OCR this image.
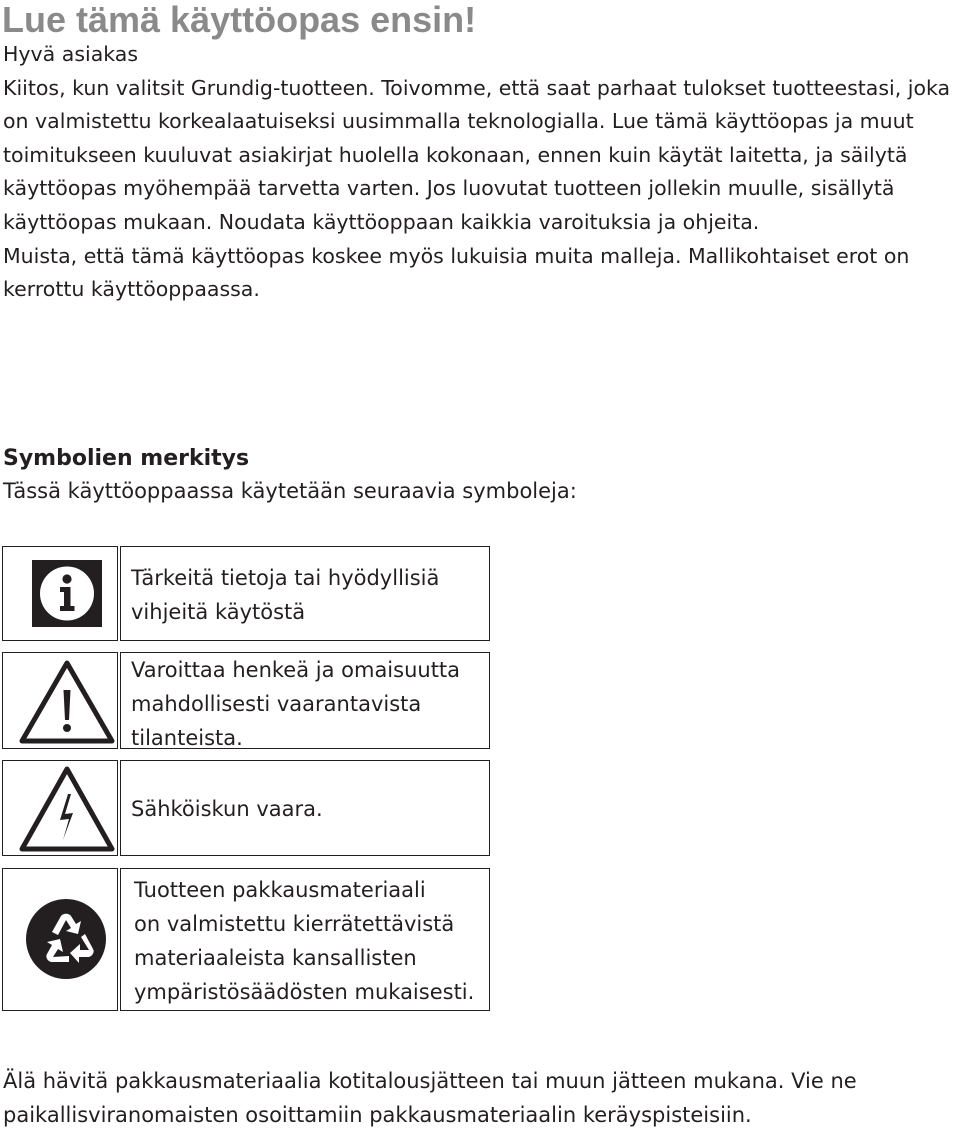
Lue tämä käyttöopas ensin!

Hyvä asiakas

Kiitos, kun valitsit Grundig-tuotteen. Toivomme, että saat parhaat tulokset tuotteestasi, joka

on valmistettu korkealaatuiseksi uusimmalla teknologialla. Lue tämä käyttöopas ja muut

toimitukseen kuuluvat asiakirjat huolella kokonaan, ennen kuin käytät laitetta, ja säilytä

käyttöopas myöhempää tarvetta varten. Jos luovutat tuotteen jollekin muulle, sisällytä

käyttöopas mukaan. Noudata käyttöoppaan kaikkia varoituksia ja ohjeita.

Muista, että tämä käyttöopas koskee myös lukuisia muita malleja. Mallikohtaiset erot on

kerrottu käyttöoppaassa.

Symbolien merkitys
Tässä käyttöoppaassa käytetään seuraavia symboleja:
Tärkeitä tietoja tai hyödyllisiä
vihjeitä käytöstä
Varoittaa henkeä ja omaisuutta
mahdollisesti vaarantavista
tilanteista.
Sähköiskun vaara.
Tuotteen pakkausmateriaali
on valmistettu kierrätettävistä
materiaaleista kansallisten
ympäristösäädösten mukaisesti.
Älä hävitä pakkausmateriaalia kotitalousjätteen tai muun jätteen mukana. Vie ne
paikallisviranomaisten osoittamiin pakkausmateriaalin keräyspisteisiin.
